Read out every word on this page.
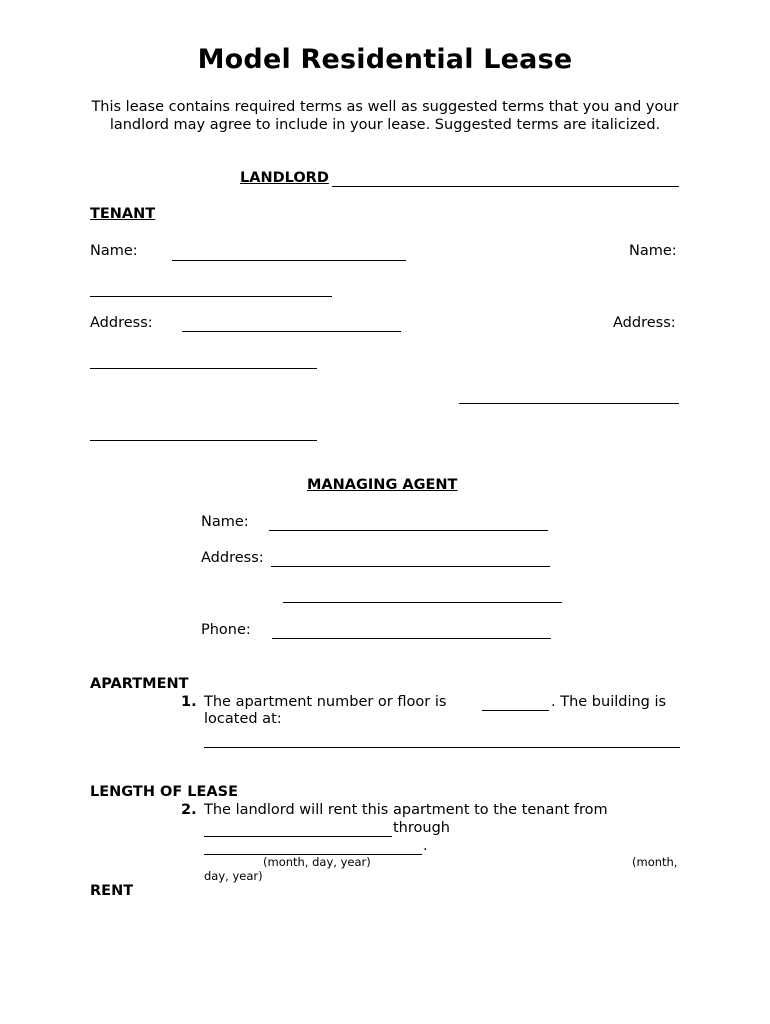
Model Residential Lease
This lease contains required terms as well as suggested terms that you and your landlord may agree to include in your lease. Suggested terms are italicized.
LANDLORD
TENANT
Name:	Name:
Address:	Address:
MANAGING AGENT
Name:
Address:
Phone:
APARTMENT
1. The apartment number or floor is	. The building is
located at:
LENGTH OF LEASE
2. The landlord will rent this apartment to the tenant from
through
.
(month, day, year)	(month,
day, year)
RENT
